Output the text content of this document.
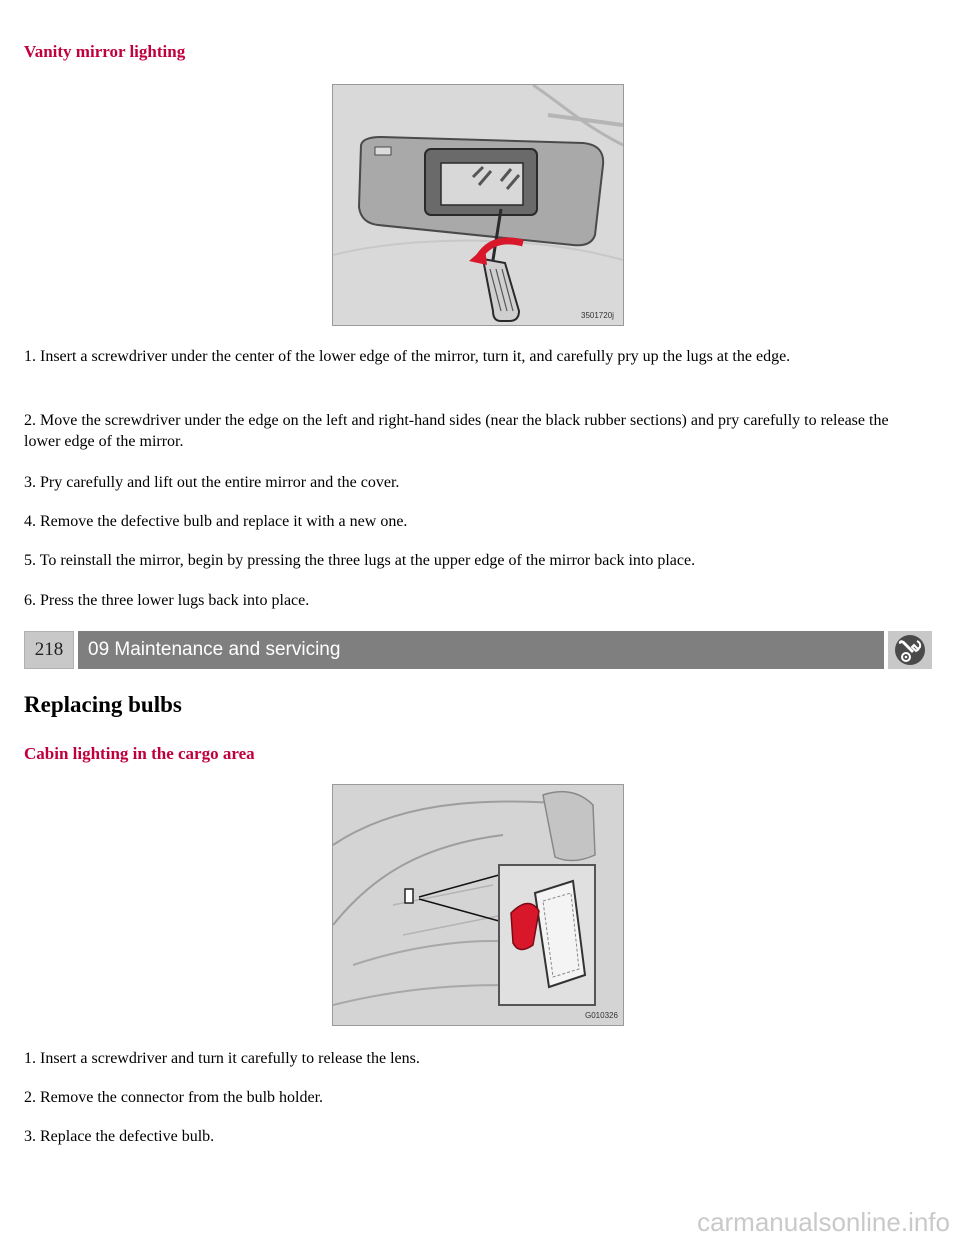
Vanity mirror lighting
3501720j

1. Insert a screwdriver under the center of the lower edge of the mirror, turn it, and carefully pry up the lugs at the edge.

2. Move the screwdriver under the edge on the left and right-hand sides (near the black rubber sections) and pry carefully to release the lower edge of the mirror.

3. Pry carefully and lift out the entire mirror and the cover.

4. Remove the defective bulb and replace it with a new one.

5. To reinstall the mirror, begin by pressing the three lugs at the upper edge of the mirror back into place.

6. Press the three lower lugs back into place.

218	09 Maintenance and servicing
Replacing bulbs
Cabin lighting in the cargo area
G010326

1. Insert a screwdriver and turn it carefully to release the lens.

2. Remove the connector from the bulb holder.

3. Replace the defective bulb.

carmanualsonline.info
